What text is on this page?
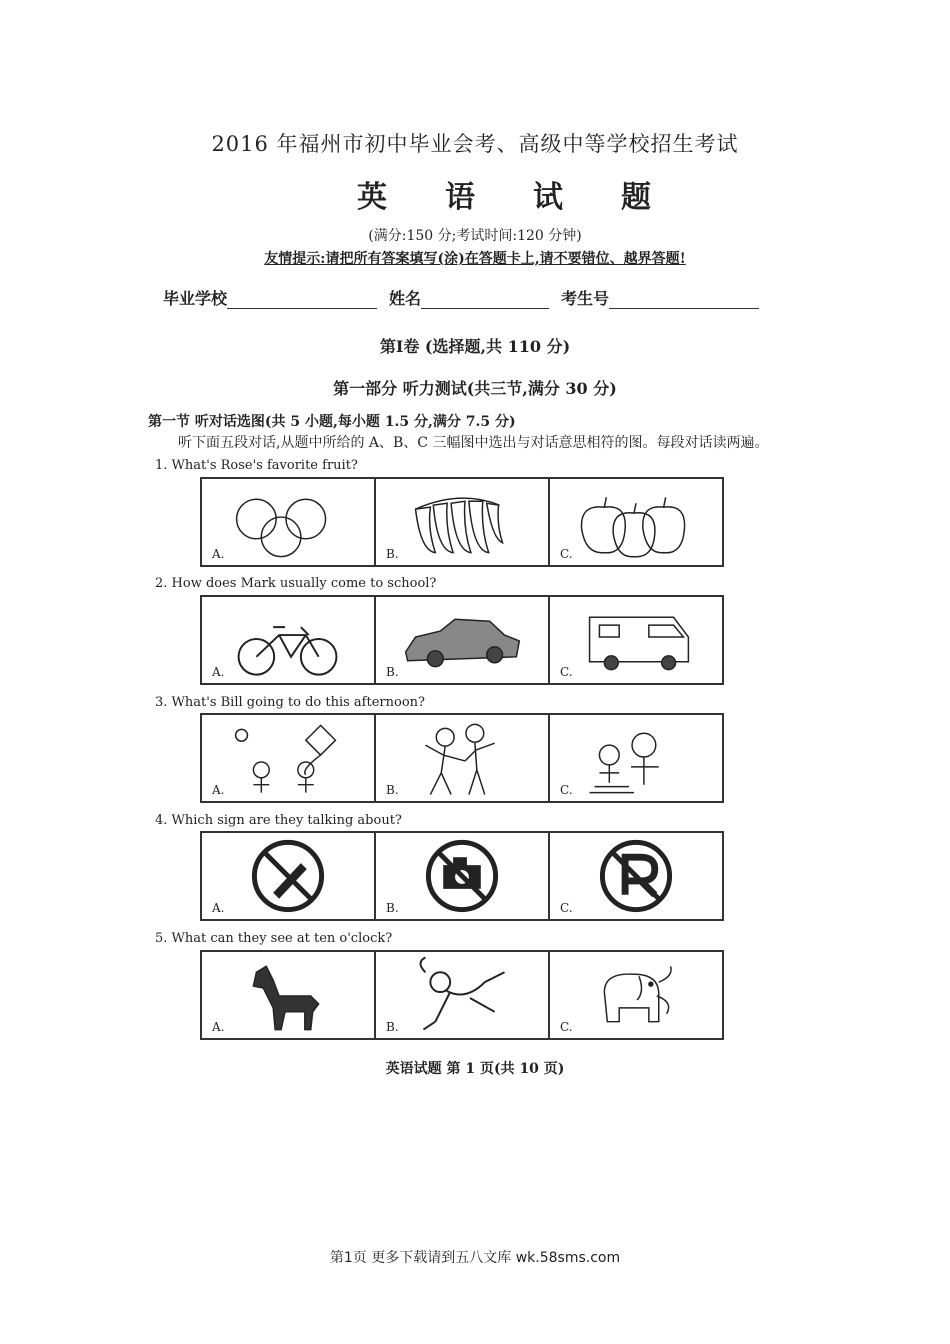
2016 年福州市初中毕业会考、高级中等学校招生考试
英语试题
(满分:150 分;考试时间:120 分钟)
友情提示:请把所有答案填写(涂)在答题卡上,请不要错位、越界答题!
毕业学校	姓名	考生号
第Ⅰ卷 (选择题,共 110 分)
第一部分 听力测试(共三节,满分 30 分)
第一节 听对话选图(共 5 小题,每小题 1.5 分,满分 7.5 分)
听下面五段对话,从题中所给的 A、B、C 三幅图中选出与对话意思相符的图。每段对话读两遍。
1. What's Rose's favorite fruit?
A.	B.	C.
2. How does Mark usually come to school?
A.	B.	C.
3. What's Bill going to do this afternoon?
A.	B.	C.
4. Which sign are they talking about?
A.	B.	C.
5. What can they see at ten o'clock?
A.	B.	C.
英语试题 第 1 页(共 10 页)
第1页 更多下载请到五八文库 wk.58sms.com
